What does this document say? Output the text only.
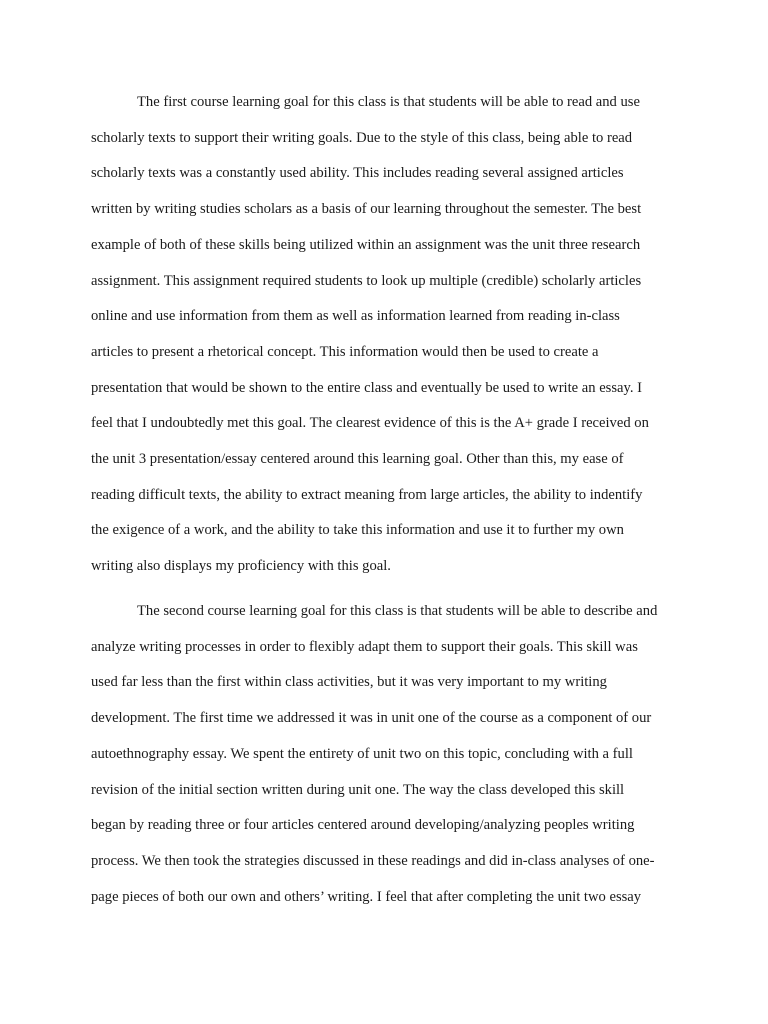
The first course learning goal for this class is that students will be able to read and use
scholarly texts to support their writing goals. Due to the style of this class, being able to read
scholarly texts was a constantly used ability. This includes reading several assigned articles
written by writing studies scholars as a basis of our learning throughout the semester. The best
example of both of these skills being utilized within an assignment was the unit three research
assignment. This assignment required students to look up multiple (credible) scholarly articles
online and use information from them as well as information learned from reading in-class
articles to present a rhetorical concept. This information would then be used to create a
presentation that would be shown to the entire class and eventually be used to write an essay. I
feel that I undoubtedly met this goal. The clearest evidence of this is the A+ grade I received on
the unit 3 presentation/essay centered around this learning goal. Other than this, my ease of
reading difficult texts, the ability to extract meaning from large articles, the ability to indentify
the exigence of a work, and the ability to take this information and use it to further my own
writing also displays my proficiency with this goal.
The second course learning goal for this class is that students will be able to describe and
analyze writing processes in order to flexibly adapt them to support their goals. This skill was
used far less than the first within class activities, but it was very important to my writing
development. The first time we addressed it was in unit one of the course as a component of our
autoethnography essay. We spent the entirety of unit two on this topic, concluding with a full
revision of the initial section written during unit one. The way the class developed this skill
began by reading three or four articles centered around developing/analyzing peoples writing
process. We then took the strategies discussed in these readings and did in-class analyses of one-
page pieces of both our own and others’ writing. I feel that after completing the unit two essay
